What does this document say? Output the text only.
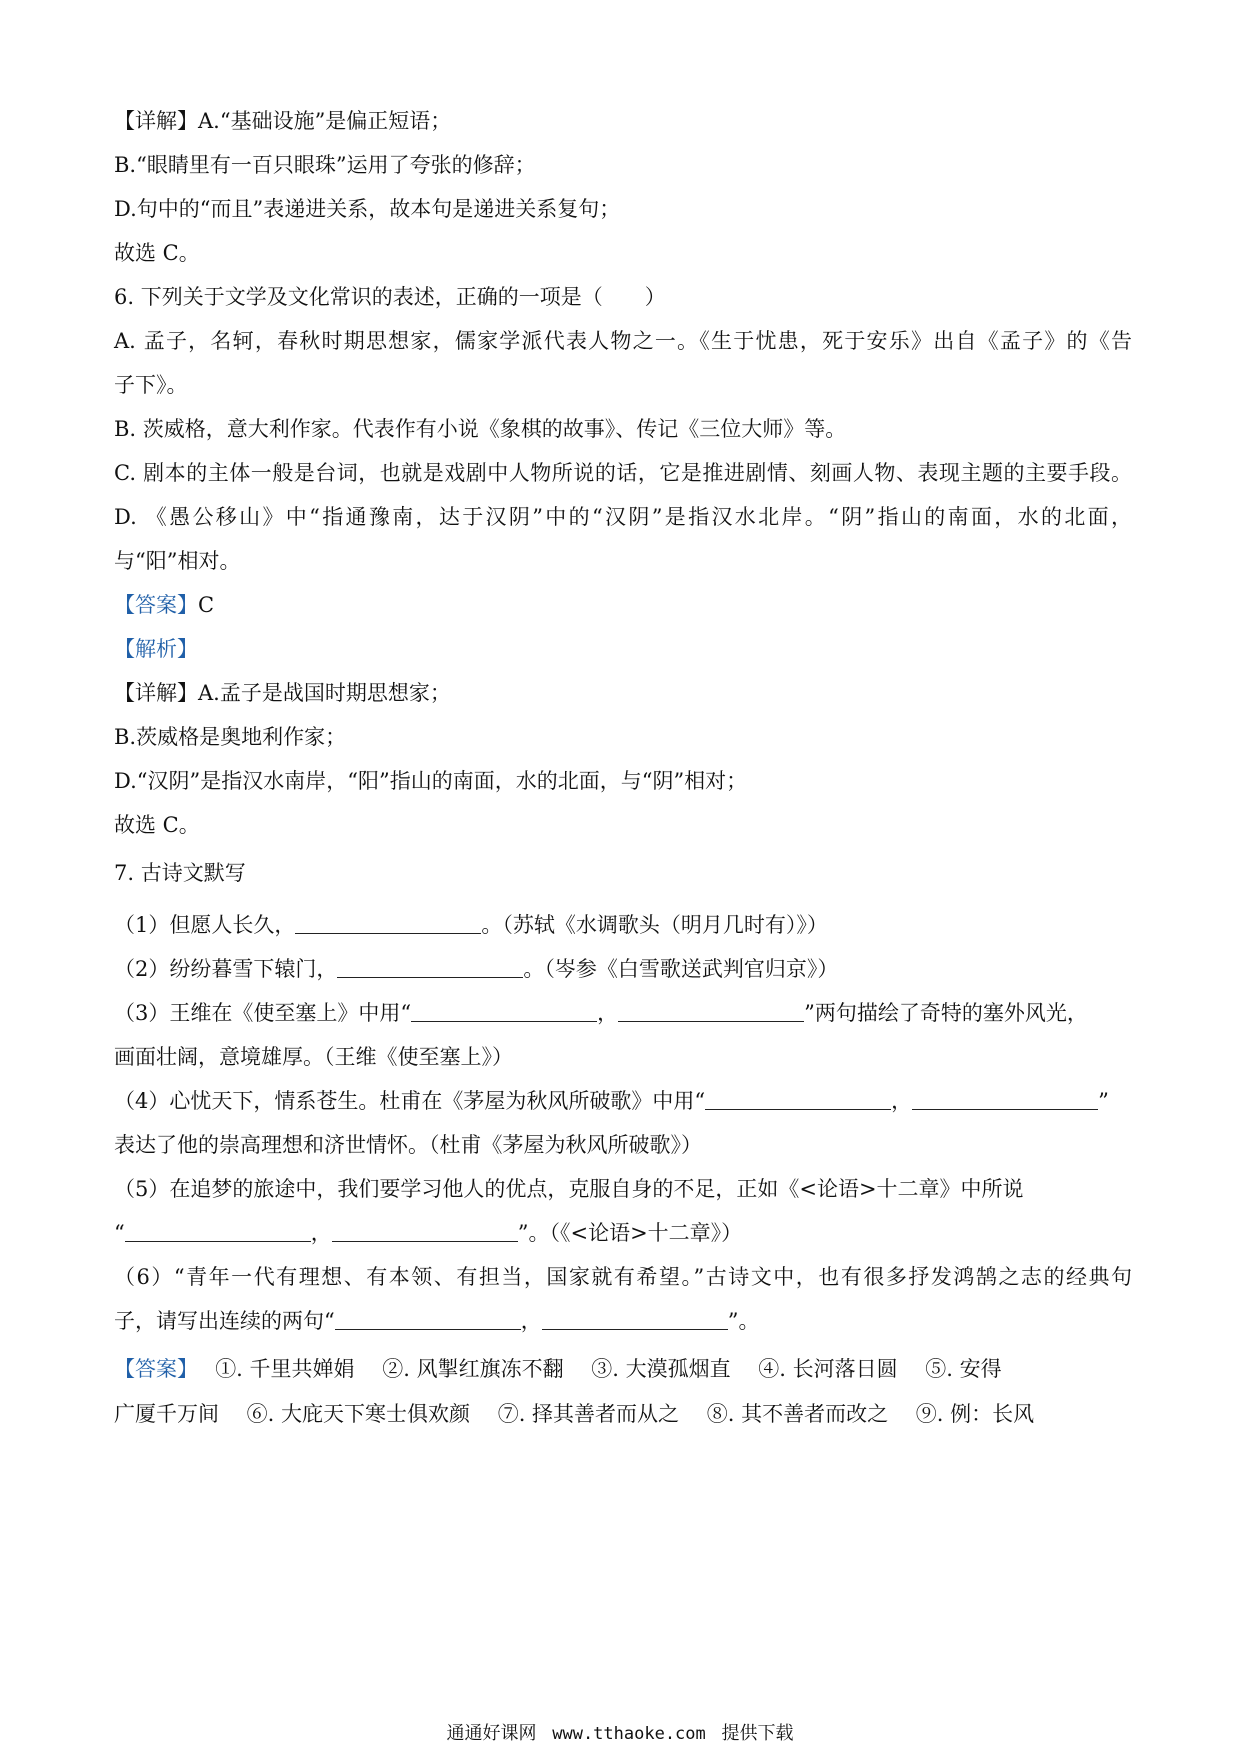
【详解】A.“基础设施”是偏正短语；
B.“眼睛里有一百只眼珠”运用了夸张的修辞；
D.句中的“而且”表递进关系，故本句是递进关系复句；
故选 C。
6. 下列关于文学及文化常识的表述，正确的一项是（　　）
A. 孟子，名轲，春秋时期思想家，儒家学派代表人物之一。《生于忧患，死于安乐》出自《孟子》的《告
子下》。
B. 茨威格，意大利作家。代表作有小说《象棋的故事》、传记《三位大师》等。
C. 剧本的主体一般是台词，也就是戏剧中人物所说的话，它是推进剧情、刻画人物、表现主题的主要手段。
D. 《愚公移山》中“指通豫南，达于汉阴”中的“汉阴”是指汉水北岸。“阴”指山的南面，水的北面，
与“阳”相对。
【答案】C
【解析】
【详解】A.孟子是战国时期思想家；
B.茨威格是奥地利作家；
D.“汉阴”是指汉水南岸，“阳”指山的南面，水的北面，与“阴”相对；
故选 C。
7. 古诗文默写
（1）但愿人长久，	。（苏轼《水调歌头（明月几时有）》）
（2）纷纷暮雪下辕门，	。（岑参《白雪歌送武判官归京》）
（3）王维在《使至塞上》中用“	，	”两句描绘了奇特的塞外风光，
画面壮阔，意境雄厚。（王维《使至塞上》）
（4）心忧天下，情系苍生。杜甫在《茅屋为秋风所破歌》中用“	，	”
表达了他的崇高理想和济世情怀。（杜甫《茅屋为秋风所破歌》）
（5）在追梦的旅途中，我们要学习他人的优点，克服自身的不足，正如《<论语>十二章》中所说
“	，	”。（《<论语>十二章》）
（6）“青年一代有理想、有本领、有担当，国家就有希望。”古诗文中，也有很多抒发鸿鹄之志的经典句
子，请写出连续的两句“	，	”。
【答案】　 ①. 千里共婵娟　 ②. 风掣红旗冻不翻　 ③. 大漠孤烟直　 ④. 长河落日圆　 ⑤. 安得
广厦千万间　 ⑥. 大庇天下寒士俱欢颜　 ⑦. 择其善者而从之　 ⑧. 其不善者而改之　 ⑨. 例：长风
通通好课网 www.tthaoke.com 提供下载
